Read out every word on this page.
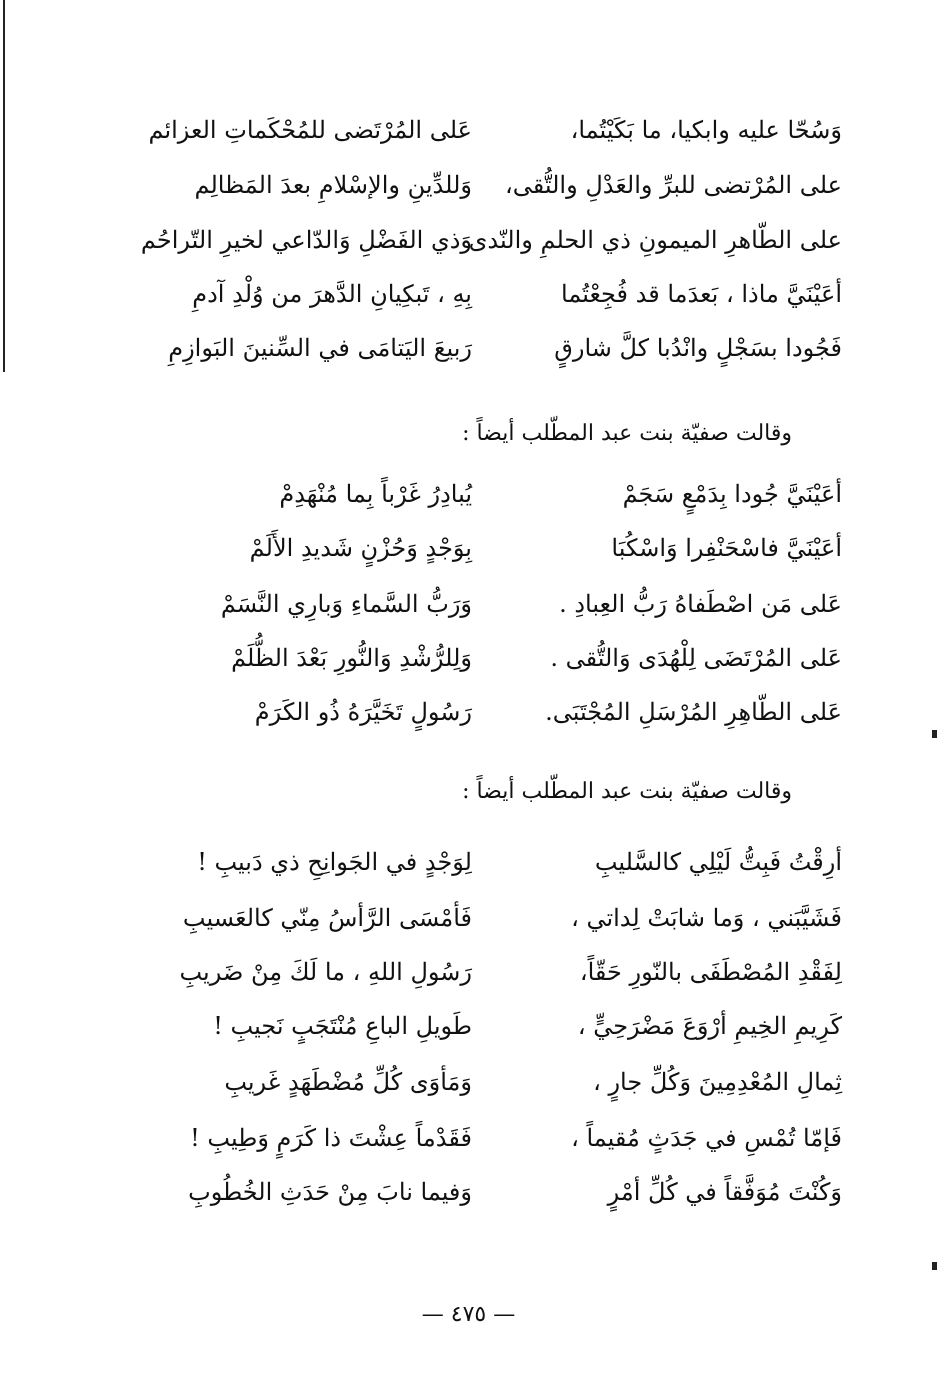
وَسُحّا عليه وابكيا، ما بَكَيْتُما،
عَلى المُرْتَضى للمُحْكَماتِ العزائم
على المُرْتضى للبرِّ والعَدْلِ والتُّقى،
وَللدِّينِ والإسْلامِ بعدَ المَظالِم
على الطّاهرِ الميمونِ ذي الحلمِ والنّدى
وَذي الفَضْلِ وَالدّاعي لخيرِ التّراحُم
أعَيْنَيَّ ماذا ، بَعدَما قد فُجِعْتُما
بِهِ ، تَبكِيانِ الدَّهرَ من وُلْدِ آدمِ
فَجُودا بسَجْلٍ وانْدُبا كلَّ شارقٍ
رَبيعَ اليَتامَى في السِّنينَ البَوازِمِ
وقالت صفيّة بنت عبد المطّلب أيضاً :
أعَيْنَيَّ جُودا بِدَمْعٍ سَجَمْ
يُبادِرُ غَرْباً بِما مُنْهَدِمْ
أعَيْنَيَّ فاسْحَنْفِرا وَاسْكُبَا
بِوَجْدٍ وَحُزْنٍ شَديدِ الأَلَمْ
عَلى مَن اصْطَفاهُ رَبُّ العِبادِ .
وَرَبُّ السَّماءِ وَبارِي النَّسَمْ
عَلى المُرْتَضَى لِلْهُدَى وَالتُّقى .
وَلِلرُّشْدِ وَالنُّورِ بَعْدَ الظُّلَمْ
عَلى الطّاهِرِ المُرْسَلِ المُجْتَبَى.
رَسُولٍ تَخَيَّرَهُ ذُو الكَرَمْ
وقالت صفيّة بنت عبد المطّلب أيضاً :
أرِقْتُ فَبِتُّ لَيْلِي كالسَّليبِ
لِوَجْدٍ في الجَوانِحِ ذي دَبيبِ !
فَشَيَّبَني ، وَما شابَتْ لِداتي ،
فَأمْسَى الرَّأسُ مِنّي كالعَسيبِ
لِفَقْدِ المُصْطَفَى بالنّورِ حَقّاً،
رَسُولِ اللهِ ، ما لَكَ مِنْ ضَريبِ
كَرِيمِ الخِيمِ أرْوَعَ مَضْرَحِيٍّ ،
طَويلِ الباعِ مُنْتَجَبٍ نَجيبِ !
ثِمالِ المُعْدِمِينَ وَكُلِّ جارٍ ،
وَمَأوَى كُلِّ مُضْطَهَدٍ غَريبِ
فَإمّا تُمْسِ في جَدَثٍ مُقيماً ،
فَقَدْماً عِشْتَ ذا كَرَمٍ وَطِيبِ !
وَكُنْتَ مُوَفَّقاً في كُلِّ أمْرٍ
وَفيما نابَ مِنْ حَدَثِ الخُطُوبِ
— ٤٧٥ —
